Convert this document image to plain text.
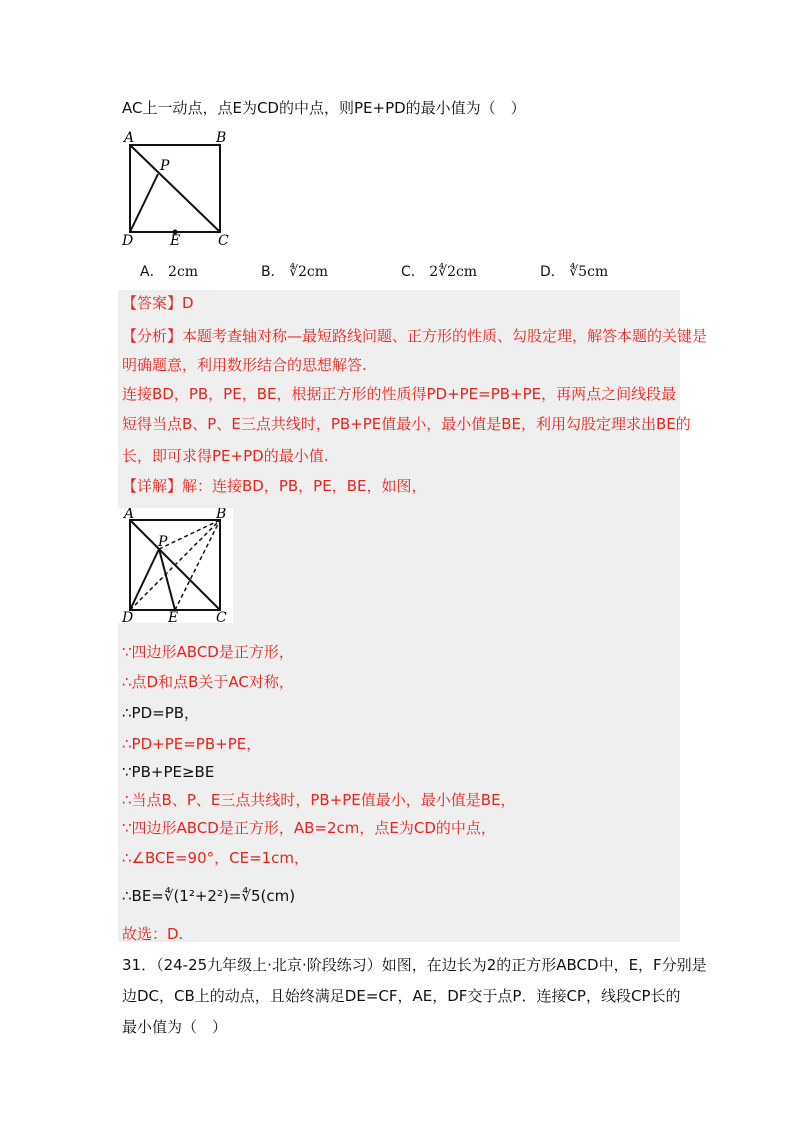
AC上一动点，点E为CD的中点，则PE+PD的最小值为（　）
A	B
P
D	E	C
A． 2cm	B． ∜2cm	C． 2∜2cm	D． ∜5cm
【答案】D
【分析】本题考查轴对称—最短路线问题、正方形的性质、勾股定理，解答本题的关键是
明确题意，利用数形结合的思想解答.
连接BD，PB，PE，BE，根据正方形的性质得PD+PE=PB+PE，再两点之间线段最
短得当点B、P、E三点共线时，PB+PE值最小，最小值是BE，利用勾股定理求出BE的
长，即可求得PE+PD的最小值.
【详解】解：连接BD，PB，PE，BE，如图，
A	B
P
D E	C
∵四边形ABCD是正方形，
∴点D和点B关于AC对称，
∴PD=PB，
∴PD+PE=PB+PE，
∵PB+PE≥BE
∴当点B、P、E三点共线时，PB+PE值最小，最小值是BE，
∵四边形ABCD是正方形，AB=2cm，点E为CD的中点，
∴∠BCE=90°，CE=1cm，
∴BE=∜(1²+2²)=∜5(cm)
故选：D.
31．（24-25九年级上·北京·阶段练习）如图，在边长为2的正方形ABCD中，E，F分别是
边DC，CB上的动点，且始终满足DE=CF，AE，DF交于点P．连接CP，线段CP长的
最小值为（　）
